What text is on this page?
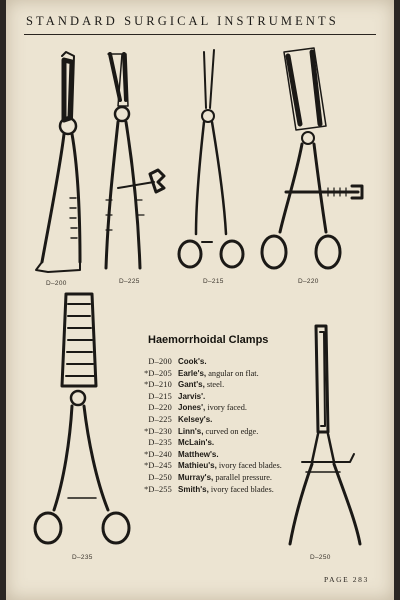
STANDARD SURGICAL INSTRUMENTS
D–200	D–225	D–215	D–220
D–235	D–250
Haemorrhoidal Clamps
D–200 Cook's.
*D–205 Earle's, angular on flat.
*D–210 Gant's, steel.
D–215 Jarvis'.
D–220 Jones', ivory faced.
D–225 Kelsey's.
*D–230 Linn's, curved on edge.
D–235 McLain's.
*D–240 Matthew's.
*D–245 Mathieu's, ivory faced blades.
D–250 Murray's, parallel pressure.
*D–255 Smith's, ivory faced blades.
PAGE 283
